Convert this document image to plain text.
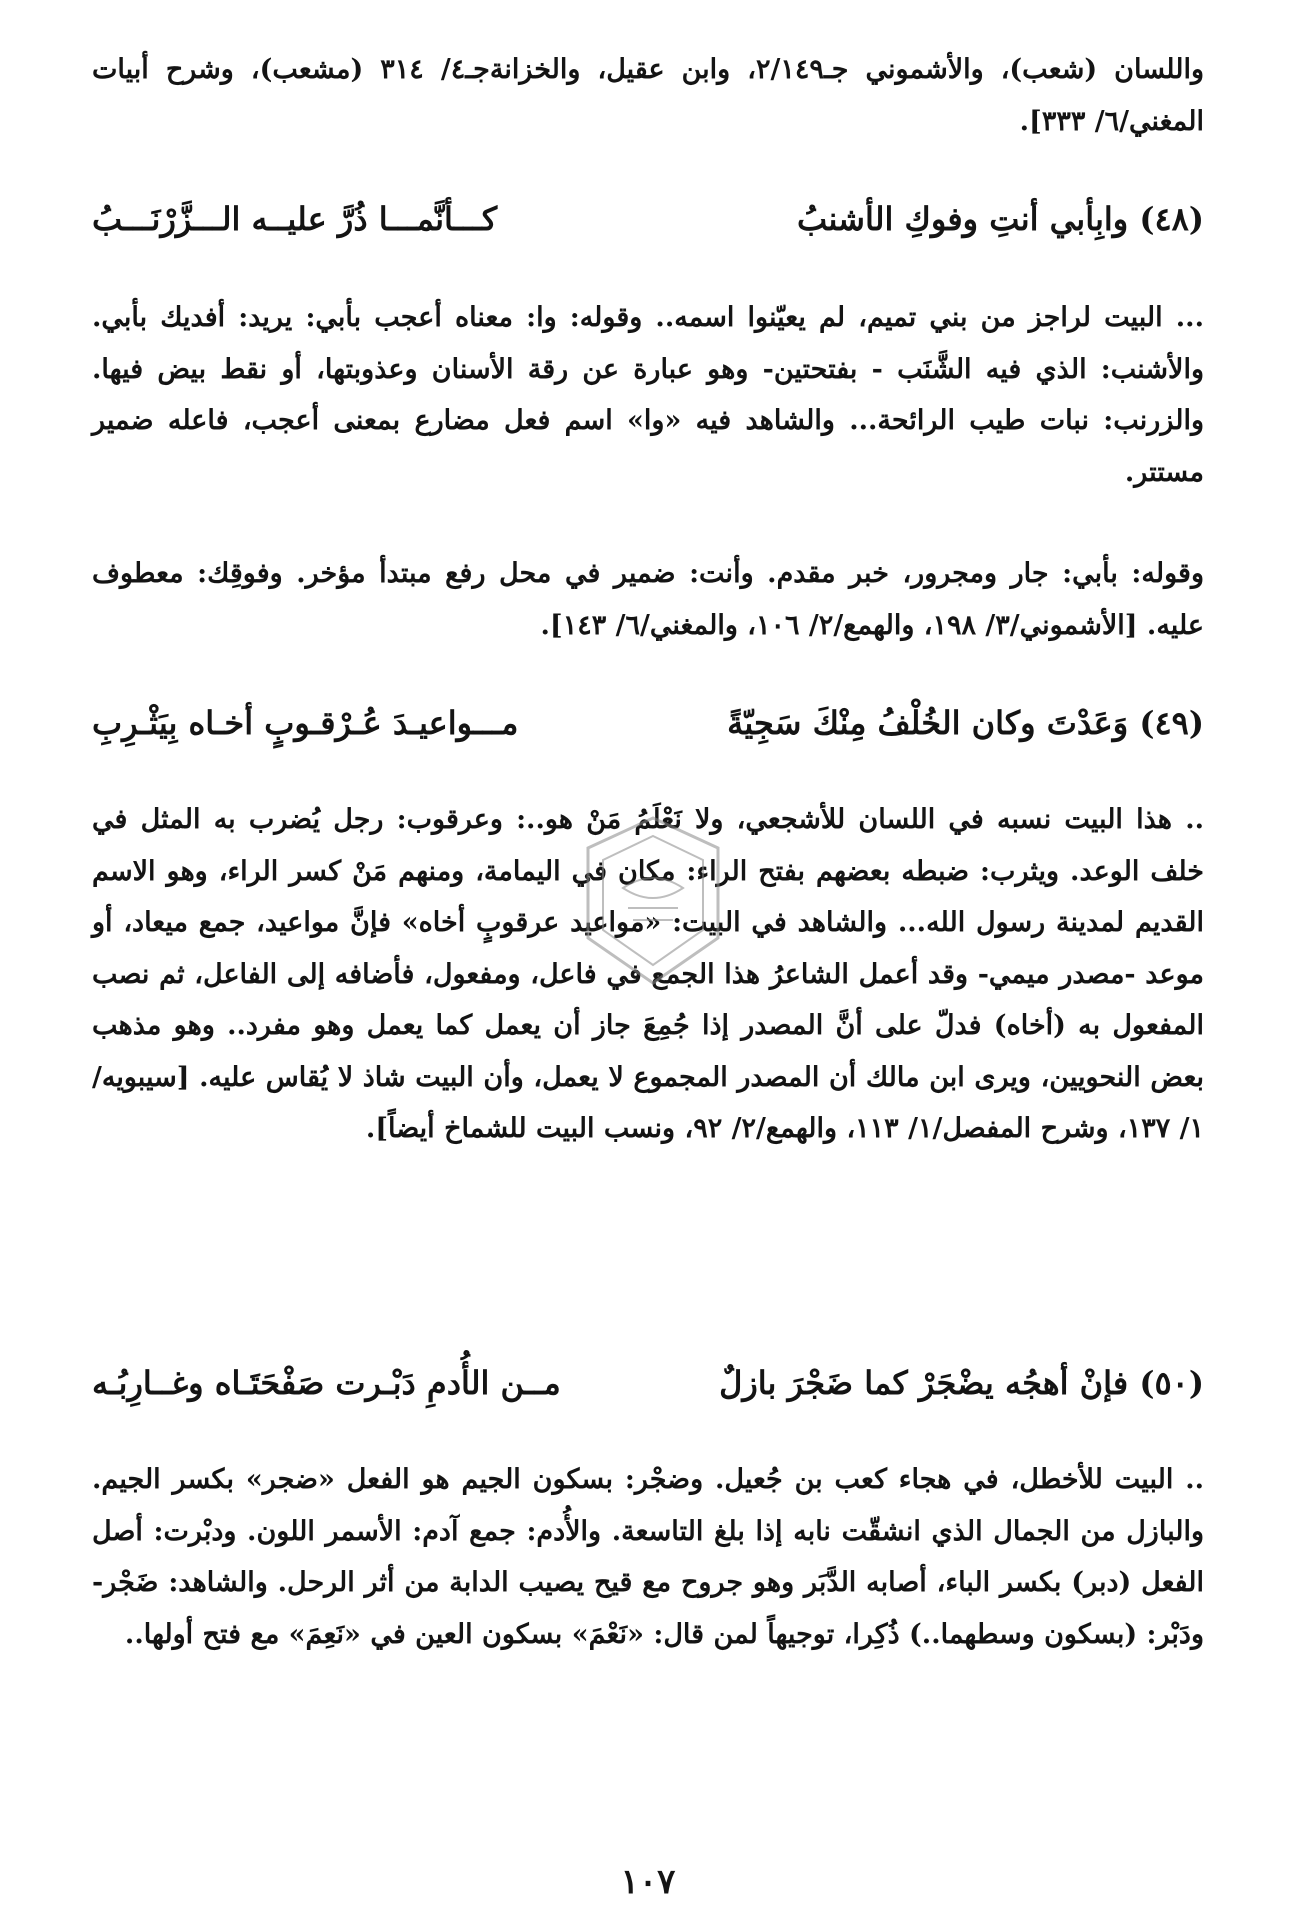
واللسان (شعب)، والأشموني جـ٢/١٤٩، وابن عقيل، والخزانةجـ٤/ ٣١٤ (مشعب)، وشرح أبيات المغني/٦/ ٣٣٣].

(٤٨) وابِأبي أنتِ وفوكِ الأشنبُ
كـــأنَّمـــا ذُرَّ عليــه الـــزَّرْنَـــبُ

... البيت لراجز من بني تميم، لم يعيّنوا اسمه.. وقوله: وا: معناه أعجب بأبي: يريد: أفديك بأبي. والأشنب: الذي فيه الشَّنَب - بفتحتين- وهو عبارة عن رقة الأسنان وعذوبتها، أو نقط بيض فيها. والزرنب: نبات طيب الرائحة... والشاهد فيه «وا» اسم فعل مضارع بمعنى أعجب، فاعله ضمير مستتر.

وقوله: بأبي: جار ومجرور، خبر مقدم. وأنت: ضمير في محل رفع مبتدأ مؤخر. وفوقِك: معطوف عليه. [الأشموني/٣/ ١٩٨، والهمع/٢/ ١٠٦، والمغني/٦/ ١٤٣].

(٤٩) وَعَدْتَ وكان الخُلْفُ مِنْكَ سَجِيّةً
مـــواعيـدَ عُـرْقـوبٍ أخـاه بِيَثْـرِبِ

.. هذا البيت نسبه في اللسان للأشجعي، ولا نَعْلَمُ مَنْ هو..: وعرقوب: رجل يُضرب به المثل في خلف الوعد. ويثرب: ضبطه بعضهم بفتح الراء: مكان في اليمامة، ومنهم مَنْ كسر الراء، وهو الاسم القديم لمدينة رسول الله... والشاهد في البيت: «مواعيد عرقوبٍ أخاه» فإنَّ مواعيد، جمع ميعاد، أو موعد -مصدر ميمي- وقد أعمل الشاعرُ هذا الجمع في فاعل، ومفعول، فأضافه إلى الفاعل، ثم نصب المفعول به (أخاه) فدلّ على أنَّ المصدر إذا جُمِعَ جاز أن يعمل كما يعمل وهو مفرد.. وهو مذهب بعض النحويين، ويرى ابن مالك أن المصدر المجموع لا يعمل، وأن البيت شاذ لا يُقاس عليه. [سيبويه/١/ ١٣٧، وشرح المفصل/١/ ١١٣، والهمع/٢/ ٩٢، ونسب البيت للشماخ أيضاً].

(٥٠) فإنْ أهجُه يضْجَرْ كما ضَجْرَ بازلٌ
مــن الأُدمِ دَبْـرت صَفْحَتَـاه وغــارِبُـه

.. البيت للأخطل، في هجاء كعب بن جُعيل. وضجْر: بسكون الجيم هو الفعل «ضجر» بكسر الجيم. والبازل من الجمال الذي انشقّت نابه إذا بلغ التاسعة. والأُدم: جمع آدم: الأسمر اللون. ودبْرت: أصل الفعل (دبر) بكسر الباء، أصابه الدَّبَر وهو جروح مع قيح يصيب الدابة من أثر الرحل. والشاهد: ضَجْر- ودَبْر: (بسكون وسطهما..) ذُكِرا، توجيهاً لمن قال: «نَعْمَ» بسكون العين في «نَعِمَ» مع فتح أولها..

١٠٧
